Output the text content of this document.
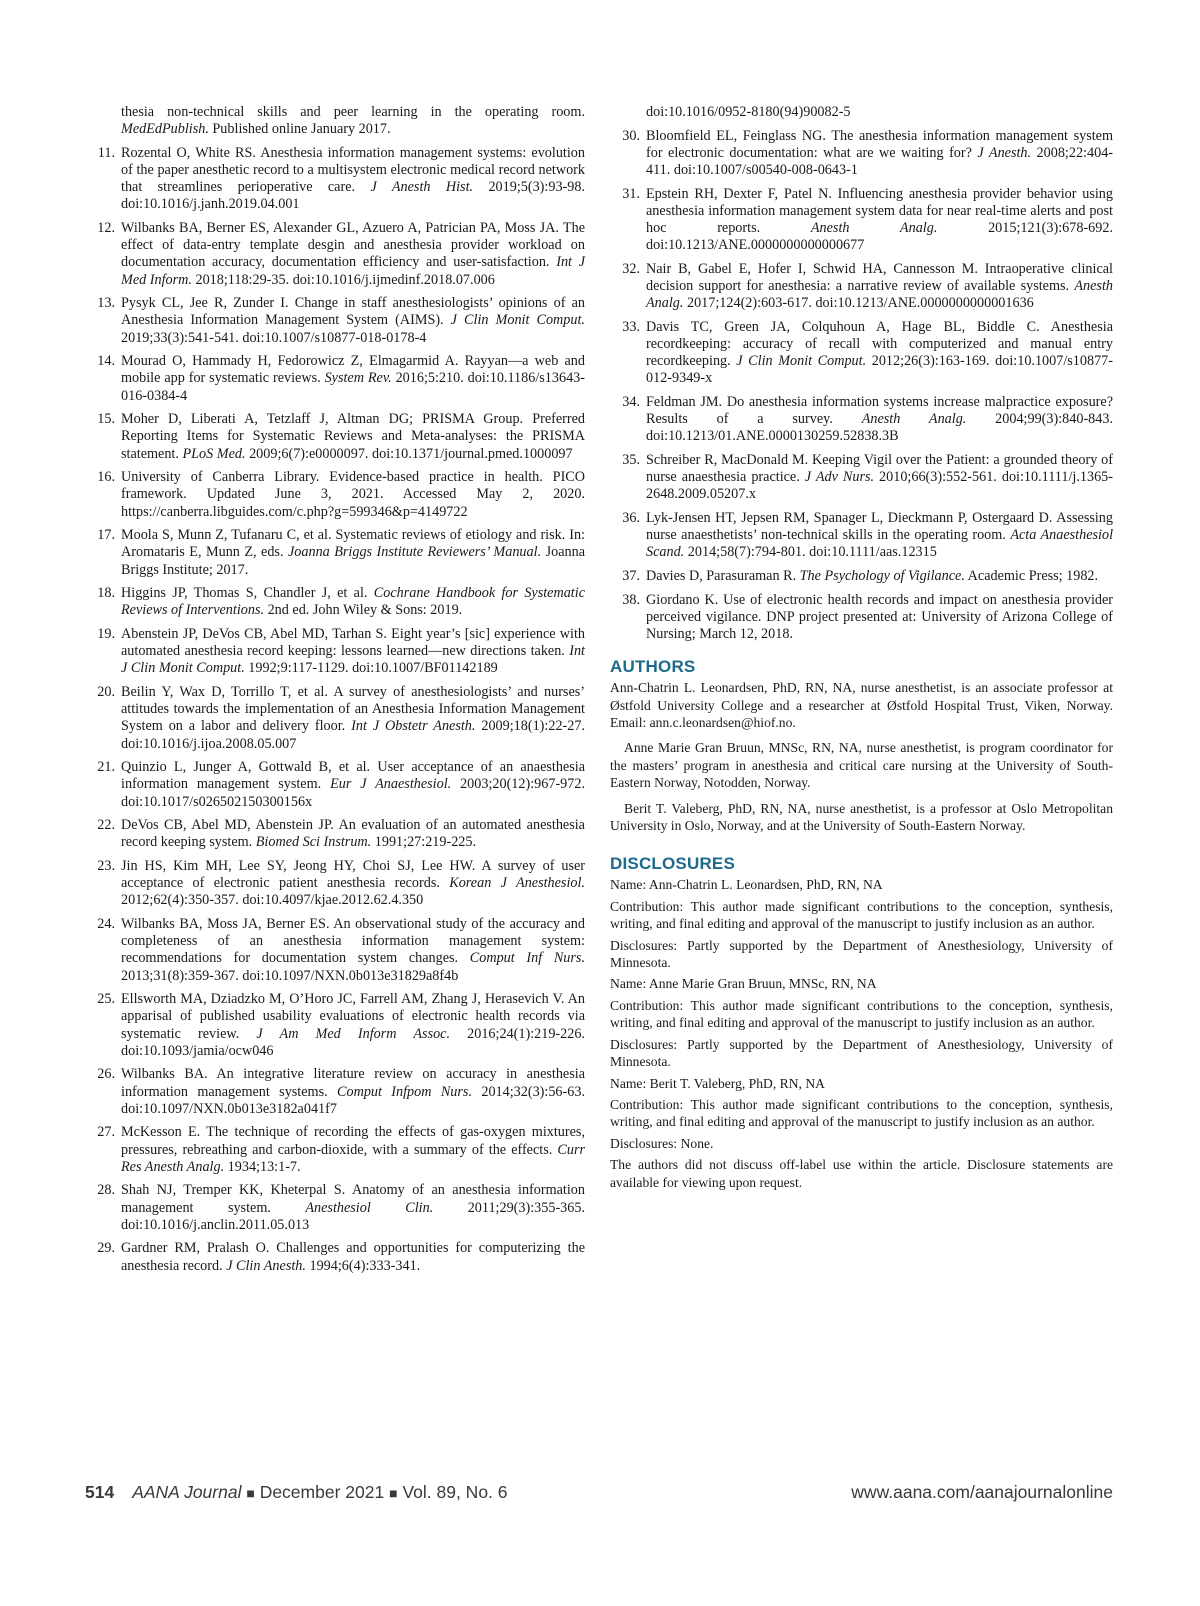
thesia non-technical skills and peer learning in the operating room. MedEdPublish. Published online January 2017.
11. Rozental O, White RS. Anesthesia information management systems: evolution of the paper anesthetic record to a multisystem electronic medical record network that streamlines perioperative care. J Anesth Hist. 2019;5(3):93-98. doi:10.1016/j.janh.2019.04.001
12. Wilbanks BA, Berner ES, Alexander GL, Azuero A, Patrician PA, Moss JA. The effect of data-entry template desgin and anesthesia provider workload on documentation accuracy, documentation efficiency and user-satisfaction. Int J Med Inform. 2018;118:29-35. doi:10.1016/j.ijmedinf.2018.07.006
13. Pysyk CL, Jee R, Zunder I. Change in staff anesthesiologists’ opinions of an Anesthesia Information Management System (AIMS). J Clin Monit Comput. 2019;33(3):541-541. doi:10.1007/s10877-018-0178-4
14. Mourad O, Hammady H, Fedorowicz Z, Elmagarmid A. Rayyan—a web and mobile app for systematic reviews. System Rev. 2016;5:210. doi:10.1186/s13643-016-0384-4
15. Moher D, Liberati A, Tetzlaff J, Altman DG; PRISMA Group. Preferred Reporting Items for Systematic Reviews and Meta-analyses: the PRISMA statement. PLoS Med. 2009;6(7):e0000097. doi:10.1371/journal.pmed.1000097
16. University of Canberra Library. Evidence-based practice in health. PICO framework. Updated June 3, 2021. Accessed May 2, 2020. https://canberra.libguides.com/c.php?g=599346&p=4149722
17. Moola S, Munn Z, Tufanaru C, et al. Systematic reviews of etiology and risk. In: Aromataris E, Munn Z, eds. Joanna Briggs Institute Reviewers’ Manual. Joanna Briggs Institute; 2017.
18. Higgins JP, Thomas S, Chandler J, et al. Cochrane Handbook for Systematic Reviews of Interventions. 2nd ed. John Wiley & Sons: 2019.
19. Abenstein JP, DeVos CB, Abel MD, Tarhan S. Eight year’s [sic] experience with automated anesthesia record keeping: lessons learned—new directions taken. Int J Clin Monit Comput. 1992;9:117-1129. doi:10.1007/BF01142189
20. Beilin Y, Wax D, Torrillo T, et al. A survey of anesthesiologists’ and nurses’ attitudes towards the implementation of an Anesthesia Information Management System on a labor and delivery floor. Int J Obstetr Anesth. 2009;18(1):22-27. doi:10.1016/j.ijoa.2008.05.007
21. Quinzio L, Junger A, Gottwald B, et al. User acceptance of an anaesthesia information management system. Eur J Anaesthesiol. 2003;20(12):967-972. doi:10.1017/s026502150300156x
22. DeVos CB, Abel MD, Abenstein JP. An evaluation of an automated anesthesia record keeping system. Biomed Sci Instrum. 1991;27:219-225.
23. Jin HS, Kim MH, Lee SY, Jeong HY, Choi SJ, Lee HW. A survey of user acceptance of electronic patient anesthesia records. Korean J Anesthesiol. 2012;62(4):350-357. doi:10.4097/kjae.2012.62.4.350
24. Wilbanks BA, Moss JA, Berner ES. An observational study of the accuracy and completeness of an anesthesia information management system: recommendations for documentation system changes. Comput Inf Nurs. 2013;31(8):359-367. doi:10.1097/NXN.0b013e31829a8f4b
25. Ellsworth MA, Dziadzko M, O’Horo JC, Farrell AM, Zhang J, Herasevich V. An apparisal of published usability evaluations of electronic health records via systematic review. J Am Med Inform Assoc. 2016;24(1):219-226. doi:10.1093/jamia/ocw046
26. Wilbanks BA. An integrative literature review on accuracy in anesthesia information management systems. Comput Infpom Nurs. 2014;32(3):56-63. doi:10.1097/NXN.0b013e3182a041f7
27. McKesson E. The technique of recording the effects of gas-oxygen mixtures, pressures, rebreathing and carbon-dioxide, with a summary of the effects. Curr Res Anesth Analg. 1934;13:1-7.
28. Shah NJ, Tremper KK, Kheterpal S. Anatomy of an anesthesia information management system. Anesthesiol Clin. 2011;29(3):355-365. doi:10.1016/j.anclin.2011.05.013
29. Gardner RM, Pralash O. Challenges and opportunities for computerizing the anesthesia record. J Clin Anesth. 1994;6(4):333-341.
doi:10.1016/0952-8180(94)90082-5
30. Bloomfield EL, Feinglass NG. The anesthesia information management system for electronic documentation: what are we waiting for? J Anesth. 2008;22:404-411. doi:10.1007/s00540-008-0643-1
31. Epstein RH, Dexter F, Patel N. Influencing anesthesia provider behavior using anesthesia information management system data for near real-time alerts and post hoc reports. Anesth Analg. 2015;121(3):678-692. doi:10.1213/ANE.0000000000000677
32. Nair B, Gabel E, Hofer I, Schwid HA, Cannesson M. Intraoperative clinical decision support for anesthesia: a narrative review of available systems. Anesth Analg. 2017;124(2):603-617. doi:10.1213/ANE.0000000000001636
33. Davis TC, Green JA, Colquhoun A, Hage BL, Biddle C. Anesthesia recordkeeping: accuracy of recall with computerized and manual entry recordkeeping. J Clin Monit Comput. 2012;26(3):163-169. doi:10.1007/s10877-012-9349-x
34. Feldman JM. Do anesthesia information systems increase malpractice exposure? Results of a survey. Anesth Analg. 2004;99(3):840-843. doi:10.1213/01.ANE.0000130259.52838.3B
35. Schreiber R, MacDonald M. Keeping Vigil over the Patient: a grounded theory of nurse anaesthesia practice. J Adv Nurs. 2010;66(3):552-561. doi:10.1111/j.1365-2648.2009.05207.x
36. Lyk-Jensen HT, Jepsen RM, Spanager L, Dieckmann P, Ostergaard D. Assessing nurse anaesthetists’ non-technical skills in the operating room. Acta Anaesthesiol Scand. 2014;58(7):794-801. doi:10.1111/aas.12315
37. Davies D, Parasuraman R. The Psychology of Vigilance. Academic Press; 1982.
38. Giordano K. Use of electronic health records and impact on anesthesia provider perceived vigilance. DNP project presented at: University of Arizona College of Nursing; March 12, 2018.
AUTHORS

Ann-Chatrin L. Leonardsen, PhD, RN, NA, nurse anesthetist, is an associate professor at Østfold University College and a researcher at Østfold Hospital Trust, Viken, Norway. Email: ann.c.leonardsen@hiof.no.

Anne Marie Gran Bruun, MNSc, RN, NA, nurse anesthetist, is program coordinator for the masters’ program in anesthesia and critical care nursing at the University of South-Eastern Norway, Notodden, Norway.

Berit T. Valeberg, PhD, RN, NA, nurse anesthetist, is a professor at Oslo Metropolitan University in Oslo, Norway, and at the University of South-Eastern Norway.

DISCLOSURES

Name: Ann-Chatrin L. Leonardsen, PhD, RN, NA

Contribution: This author made significant contributions to the conception, synthesis, writing, and final editing and approval of the manuscript to justify inclusion as an author.

Disclosures: Partly supported by the Department of Anesthesiology, University of Minnesota.

Name: Anne Marie Gran Bruun, MNSc, RN, NA

Contribution: This author made significant contributions to the conception, synthesis, writing, and final editing and approval of the manuscript to justify inclusion as an author.

Disclosures: Partly supported by the Department of Anesthesiology, University of Minnesota.

Name: Berit T. Valeberg, PhD, RN, NA

Contribution: This author made significant contributions to the conception, synthesis, writing, and final editing and approval of the manuscript to justify inclusion as an author.

Disclosures: None.

The authors did not discuss off-label use within the article. Disclosure statements are available for viewing upon request.

514 AANA Journal ■ December 2021 ■ Vol. 89, No. 6	www.aana.com/aanajournalonline
